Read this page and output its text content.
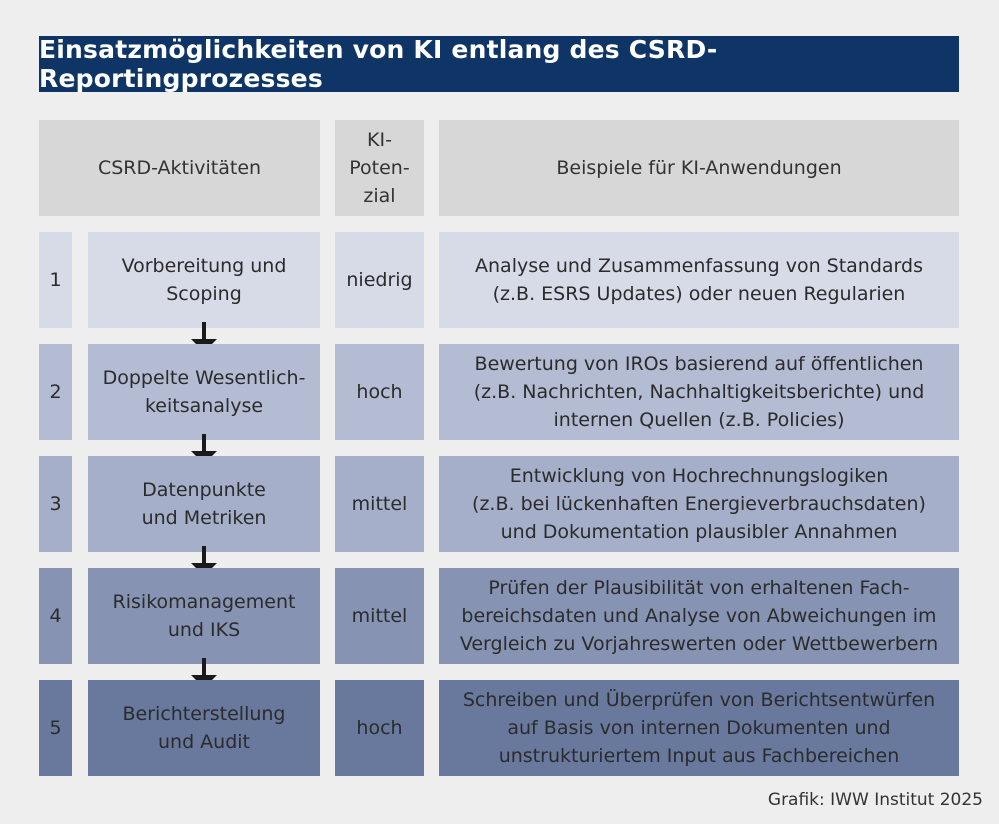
Einsatzmöglichkeiten von KI entlang des CSRD-Reportingprozesses
CSRD-Aktivitäten
KI-
Poten-
zial
Beispiele für KI-Anwendungen
1
Vorbereitung und
Scoping
niedrig
Analyse und Zusammenfassung von Standards
(z.B. ESRS Updates) oder neuen Regularien
2
Doppelte Wesentlich-
keitsanalyse
hoch
Bewertung von IROs basierend auf öffentlichen
(z.B. Nachrichten, Nachhaltigkeitsberichte) und
internen Quellen (z.B. Policies)
3
Datenpunkte
und Metriken
mittel
Entwicklung von Hochrechnungslogiken
(z.B. bei lückenhaften Energieverbrauchsdaten)
und Dokumentation plausibler Annahmen
4
Risikomanagement
und IKS
mittel
Prüfen der Plausibilität von erhaltenen Fach-
bereichsdaten und Analyse von Abweichungen im
Vergleich zu Vorjahreswerten oder Wettbewerbern
5
Berichterstellung
und Audit
hoch
Schreiben und Überprüfen von Berichtsentwürfen
auf Basis von internen Dokumenten und
unstrukturiertem Input aus Fachbereichen
Grafik: IWW Institut 2025
